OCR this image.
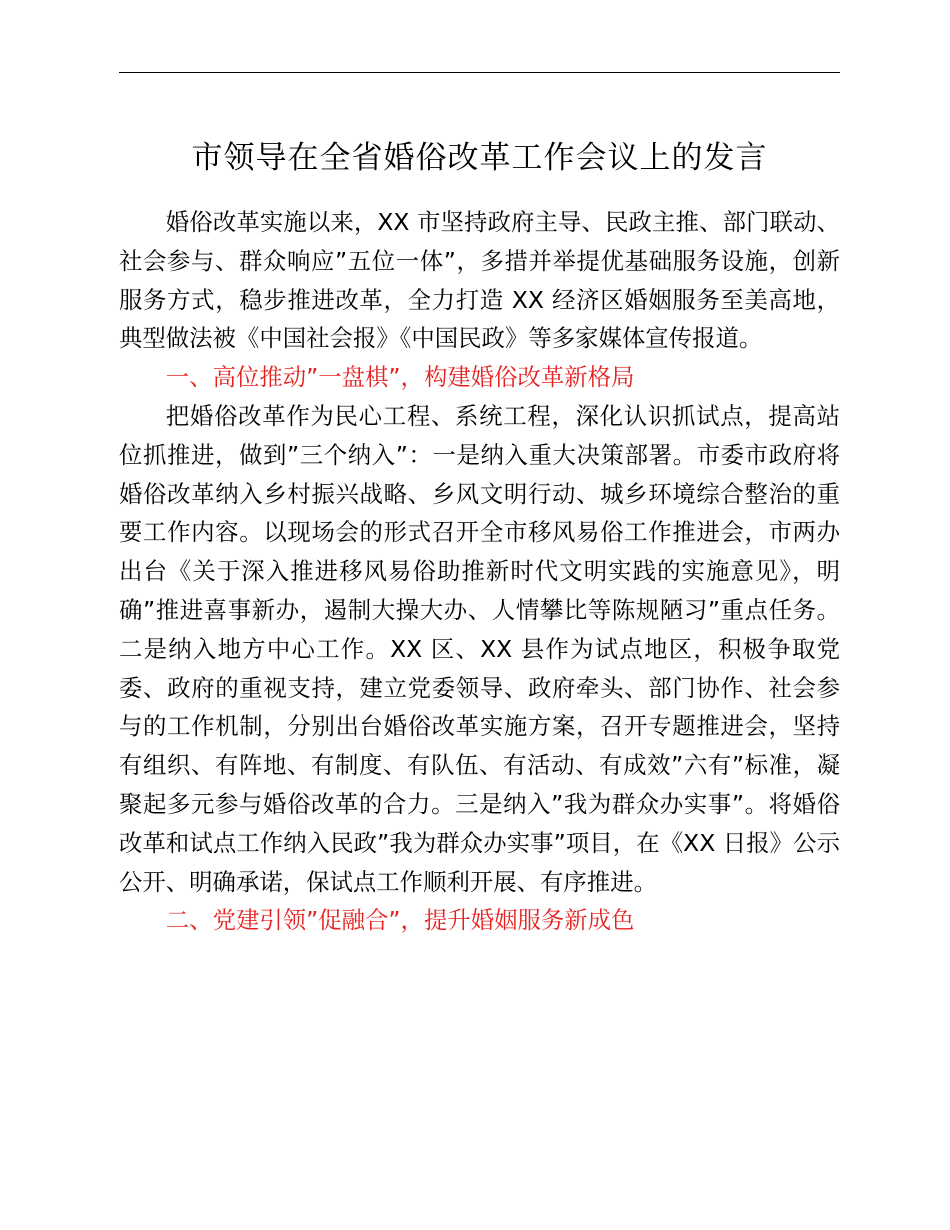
市领导在全省婚俗改革工作会议上的发言

婚俗改革实施以来，XX 市坚持政府主导、民政主推、部门联动、社会参与、群众响应”五位一体”，多措并举提优基础服务设施，创新服务方式，稳步推进改革，全力打造 XX 经济区婚姻服务至美高地，典型做法被《中国社会报》《中国民政》等多家媒体宣传报道。

一、高位推动”一盘棋”，构建婚俗改革新格局

把婚俗改革作为民心工程、系统工程，深化认识抓试点，提高站位抓推进，做到”三个纳入”：一是纳入重大决策部署。市委市政府将婚俗改革纳入乡村振兴战略、乡风文明行动、城乡环境综合整治的重要工作内容。以现场会的形式召开全市移风易俗工作推进会，市两办出台《关于深入推进移风易俗助推新时代文明实践的实施意见》，明确”推进喜事新办，遏制大操大办、人情攀比等陈规陋习”重点任务。二是纳入地方中心工作。XX 区、XX 县作为试点地区，积极争取党委、政府的重视支持，建立党委领导、政府牵头、部门协作、社会参与的工作机制，分别出台婚俗改革实施方案，召开专题推进会，坚持有组织、有阵地、有制度、有队伍、有活动、有成效”六有”标准，凝聚起多元参与婚俗改革的合力。三是纳入”我为群众办实事”。将婚俗改革和试点工作纳入民政”我为群众办实事”项目，在《XX 日报》公示公开、明确承诺，保试点工作顺利开展、有序推进。

二、党建引领”促融合”，提升婚姻服务新成色
